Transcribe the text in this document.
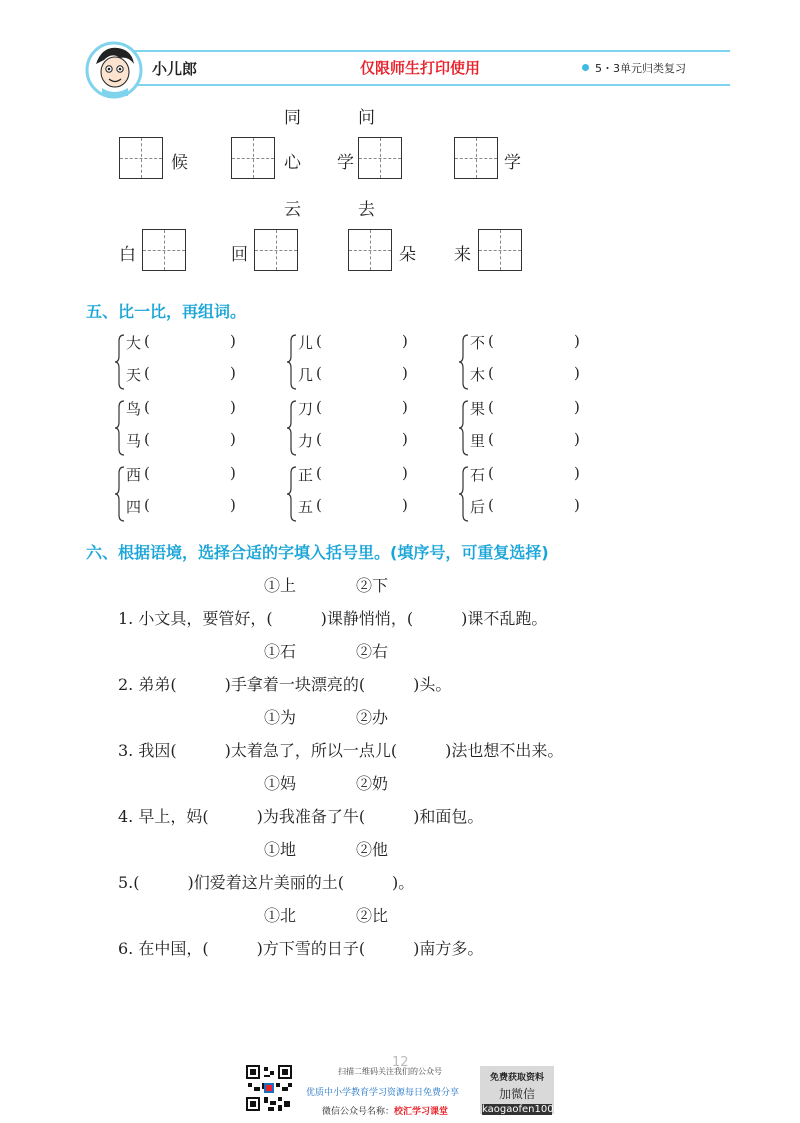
小儿郎	仅限师生打印使用	5・3单元归类复习
同	问
候	心 学	学
云	去
白	回	朵 来
五、比一比，再组词。
大 (	)
天 (	)
儿 (	)
几 (	)
不 (	)
木 (	)
鸟 (	)
马 (	)
刀 (	)
力 (	)
果 (	)
里 (	)
西 (	)
四 (	)
正 (	)
五 (	)
石 (	)
后 (	)
六、根据语境，选择合适的字填入括号里。(填序号，可重复选择)
①上	②下
1. 小文具，要管好，(　　　)课静悄悄，(　　　)课不乱跑。
①石	②右
2. 弟弟(　　　)手拿着一块漂亮的(　　　)头。
①为	②办
3. 我因(　　　)太着急了，所以一点儿(　　　)法也想不出来。
①妈	②奶
4. 早上，妈(　　　)为我准备了牛(　　　)和面包。
①地	②他
5.(　　　)们爱着这片美丽的土(　　　)。
①北	②比
6. 在中国，(　　　)方下雪的日子(　　　)南方多。
12
扫描二维码关注我们的公众号
优质中小学教育学习资源每日免费分享
微信公众号名称：校汇学习课堂
免费获取资料
加微信
kaogaofen100
